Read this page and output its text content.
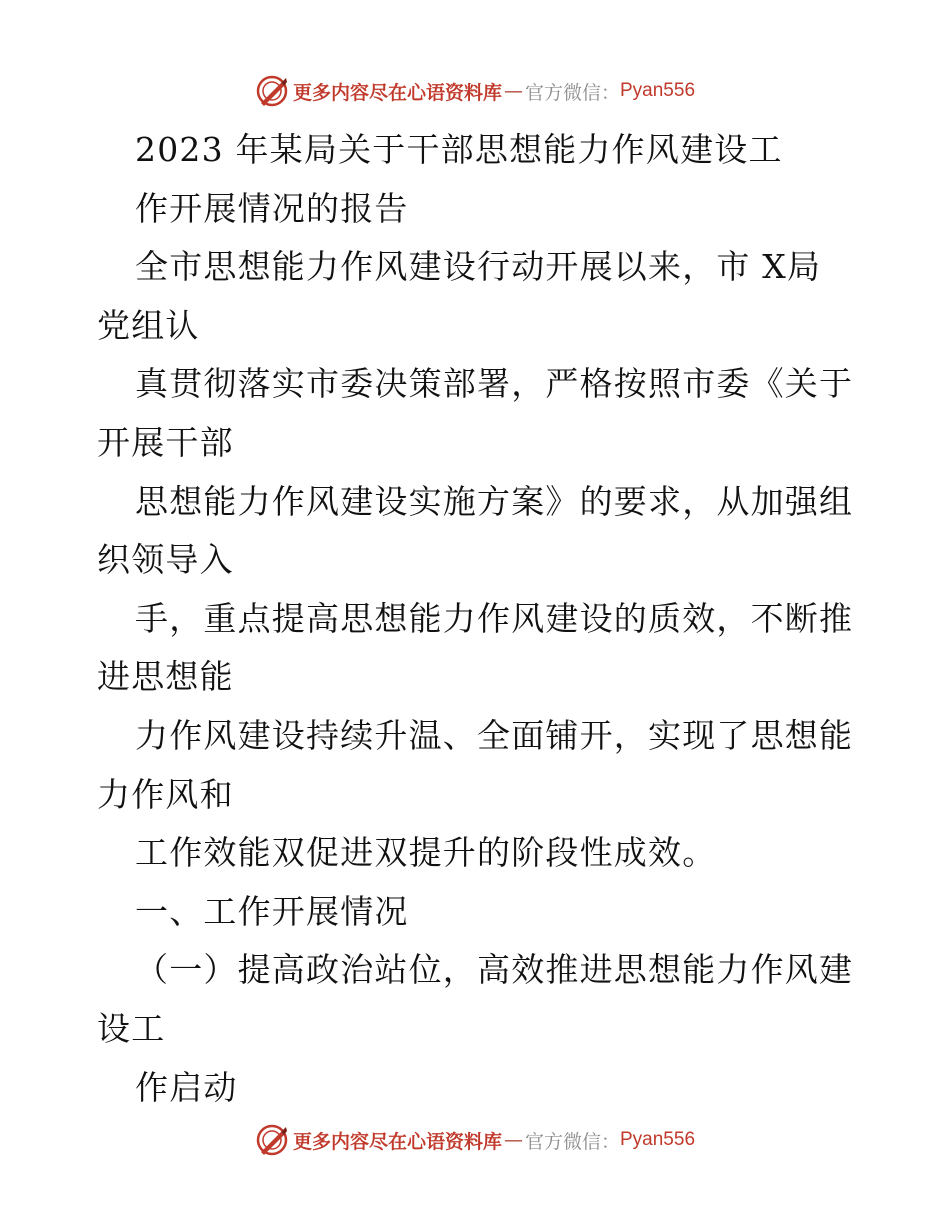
更多内容尽在心语资料库 — 官方微信： Pyan556
2023 年某局关于干部思想能力作风建设工
作开展情况的报告
全市思想能力作风建设行动开展以来，市 X局
党组认
真贯彻落实市委决策部署，严格按照市委《关于
开展干部
思想能力作风建设实施方案》的要求，从加强组
织领导入
手，重点提高思想能力作风建设的质效，不断推
进思想能
力作风建设持续升温、全面铺开，实现了思想能
力作风和
工作效能双促进双提升的阶段性成效。
一、工作开展情况
（一）提高政治站位，高效推进思想能力作风建
设工
作启动
更多内容尽在心语资料库 — 官方微信： Pyan556
